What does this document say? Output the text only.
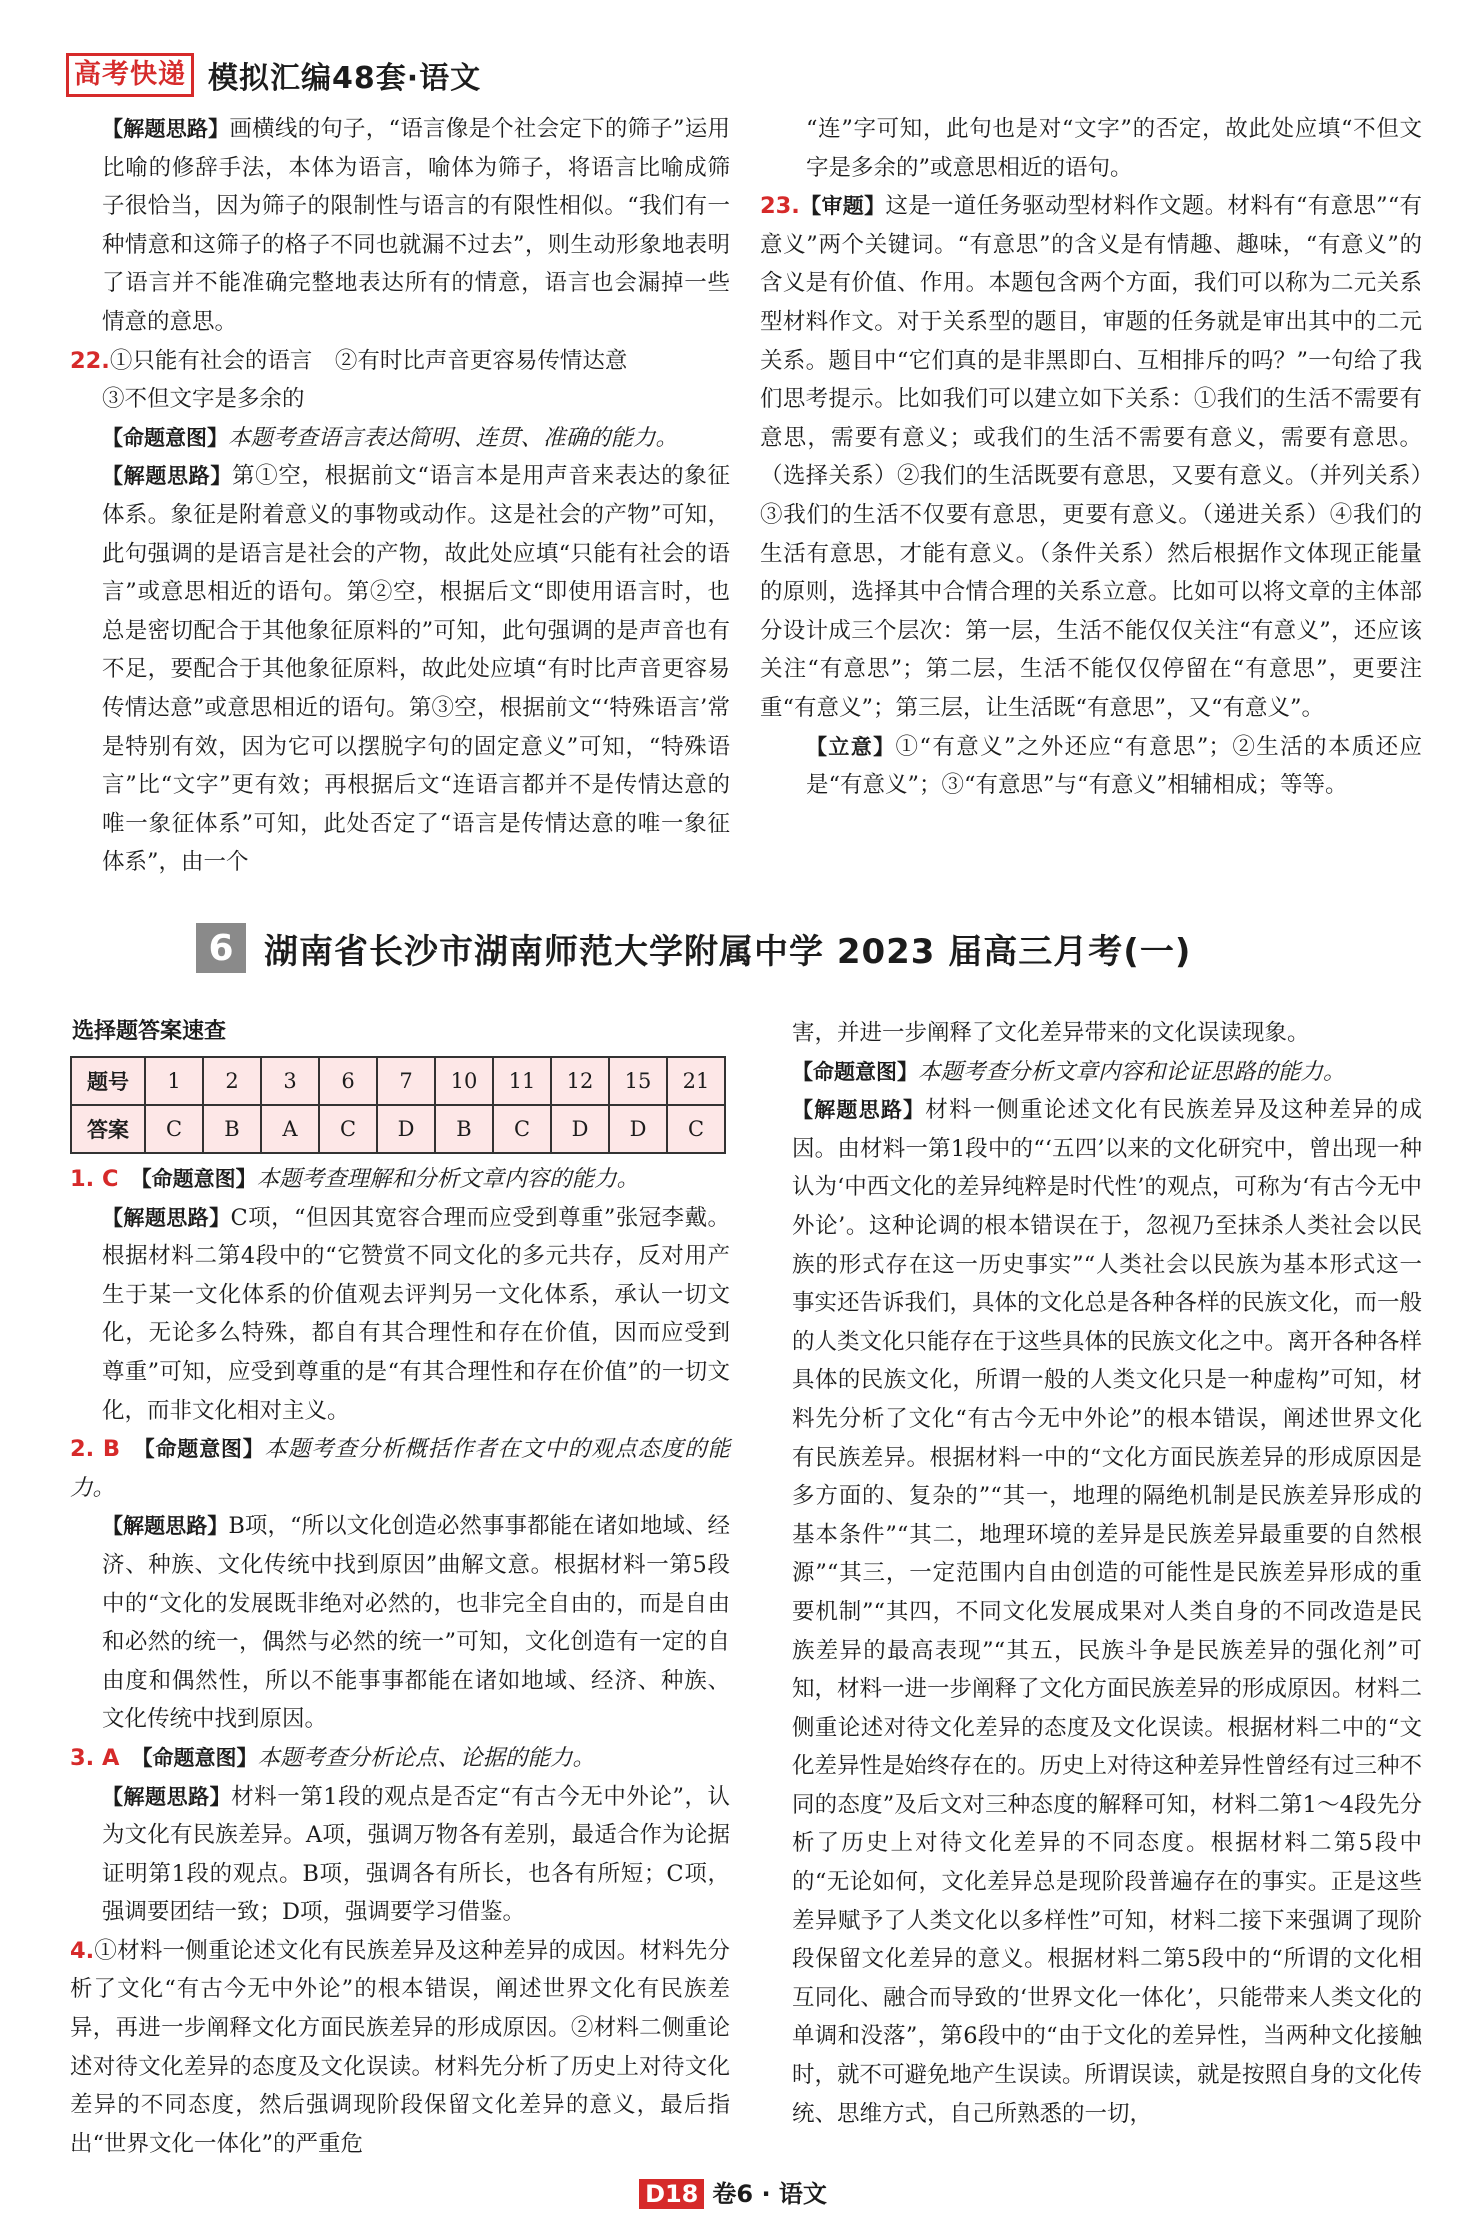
高考快递 模拟汇编48套·语文

【解题思路】画横线的句子，“语言像是个社会定下的筛子”运用比喻的修辞手法，本体为语言，喻体为筛子，将语言比喻成筛子很恰当，因为筛子的限制性与语言的有限性相似。“我们有一种情意和这筛子的格子不同也就漏不过去”，则生动形象地表明了语言并不能准确完整地表达所有的情意，语言也会漏掉一些情意的意思。

22.①只能有社会的语言　②有时比声音更容易传情达意

③不但文字是多余的

【命题意图】本题考查语言表达简明、连贯、准确的能力。

【解题思路】第①空，根据前文“语言本是用声音来表达的象征体系。象征是附着意义的事物或动作。这是社会的产物”可知，此句强调的是语言是社会的产物，故此处应填“只能有社会的语言”或意思相近的语句。第②空，根据后文“即使用语言时，也总是密切配合于其他象征原料的”可知，此句强调的是声音也有不足，要配合于其他象征原料，故此处应填“有时比声音更容易传情达意”或意思相近的语句。第③空，根据前文“‘特殊语言’常是特别有效，因为它可以摆脱字句的固定意义”可知，“特殊语言”比“文字”更有效；再根据后文“连语言都并不是传情达意的唯一象征体系”可知，此处否定了“语言是传情达意的唯一象征体系”，由一个

“连”字可知，此句也是对“文字”的否定，故此处应填“不但文字是多余的”或意思相近的语句。

23.【审题】这是一道任务驱动型材料作文题。材料有“有意思”“有意义”两个关键词。“有意思”的含义是有情趣、趣味，“有意义”的含义是有价值、作用。本题包含两个方面，我们可以称为二元关系型材料作文。对于关系型的题目，审题的任务就是审出其中的二元关系。题目中“它们真的是非黑即白、互相排斥的吗？”一句给了我们思考提示。比如我们可以建立如下关系：①我们的生活不需要有意思，需要有意义；或我们的生活不需要有意义，需要有意思。（选择关系）②我们的生活既要有意思，又要有意义。（并列关系）③我们的生活不仅要有意思，更要有意义。（递进关系）④我们的生活有意思，才能有意义。（条件关系）然后根据作文体现正能量的原则，选择其中合情合理的关系立意。比如可以将文章的主体部分设计成三个层次：第一层，生活不能仅仅关注“有意义”，还应该关注“有意思”；第二层，生活不能仅仅停留在“有意思”，更要注重“有意义”；第三层，让生活既“有意思”，又“有意义”。

【立意】①“有意义”之外还应“有意思”；②生活的本质还应是“有意义”；③“有意思”与“有意义”相辅相成；等等。

6 湖南省长沙市湖南师范大学附属中学 2023 届高三月考(一)
选择题答案速查
题号	1	2	3	6	7	10	11	12	15	21
答案	C	B	A	C	D	B	C	D	D	C

1. C　 【命题意图】本题考查理解和分析文章内容的能力。

【解题思路】C项，“但因其宽容合理而应受到尊重”张冠李戴。根据材料二第4段中的“它赞赏不同文化的多元共存，反对用产生于某一文化体系的价值观去评判另一文化体系，承认一切文化，无论多么特殊，都自有其合理性和存在价值，因而应受到尊重”可知，应受到尊重的是“有其合理性和存在价值”的一切文化，而非文化相对主义。

2. B　 【命题意图】本题考查分析概括作者在文中的观点态度的能力。

【解题思路】B项，“所以文化创造必然事事都能在诸如地域、经济、种族、文化传统中找到原因”曲解文意。根据材料一第5段中的“文化的发展既非绝对必然的，也非完全自由的，而是自由和必然的统一，偶然与必然的统一”可知，文化创造有一定的自由度和偶然性，所以不能事事都能在诸如地域、经济、种族、文化传统中找到原因。

3. A　 【命题意图】本题考查分析论点、论据的能力。

【解题思路】材料一第1段的观点是否定“有古今无中外论”，认为文化有民族差异。A项，强调万物各有差别，最适合作为论据证明第1段的观点。B项，强调各有所长，也各有所短；C项，强调要团结一致；D项，强调要学习借鉴。

4.①材料一侧重论述文化有民族差异及这种差异的成因。材料先分析了文化“有古今无中外论”的根本错误，阐述世界文化有民族差异，再进一步阐释文化方面民族差异的形成原因。②材料二侧重论述对待文化差异的态度及文化误读。材料先分析了历史上对待文化差异的不同态度，然后强调现阶段保留文化差异的意义，最后指出“世界文化一体化”的严重危

害，并进一步阐释了文化差异带来的文化误读现象。

【命题意图】本题考查分析文章内容和论证思路的能力。

【解题思路】材料一侧重论述文化有民族差异及这种差异的成因。由材料一第1段中的“‘五四’以来的文化研究中，曾出现一种认为‘中西文化的差异纯粹是时代性’的观点，可称为‘有古今无中外论’。这种论调的根本错误在于，忽视乃至抹杀人类社会以民族的形式存在这一历史事实”“人类社会以民族为基本形式这一事实还告诉我们，具体的文化总是各种各样的民族文化，而一般的人类文化只能存在于这些具体的民族文化之中。离开各种各样具体的民族文化，所谓一般的人类文化只是一种虚构”可知，材料先分析了文化“有古今无中外论”的根本错误，阐述世界文化有民族差异。根据材料一中的“文化方面民族差异的形成原因是多方面的、复杂的”“其一，地理的隔绝机制是民族差异形成的基本条件”“其二，地理环境的差异是民族差异最重要的自然根源”“其三，一定范围内自由创造的可能性是民族差异形成的重要机制”“其四，不同文化发展成果对人类自身的不同改造是民族差异的最高表现”“其五，民族斗争是民族差异的强化剂”可知，材料一进一步阐释了文化方面民族差异的形成原因。材料二侧重论述对待文化差异的态度及文化误读。根据材料二中的“文化差异性是始终存在的。历史上对待这种差异性曾经有过三种不同的态度”及后文对三种态度的解释可知，材料二第1～4段先分析了历史上对待文化差异的不同态度。根据材料二第5段中的“无论如何，文化差异总是现阶段普遍存在的事实。正是这些差异赋予了人类文化以多样性”可知，材料二接下来强调了现阶段保留文化差异的意义。根据材料二第5段中的“所谓的文化相互同化、融合而导致的‘世界文化一体化’，只能带来人类文化的单调和没落”，第6段中的“由于文化的差异性，当两种文化接触时，就不可避免地产生误读。所谓误读，就是按照自身的文化传统、思维方式，自己所熟悉的一切，

D18 卷6 · 语文
